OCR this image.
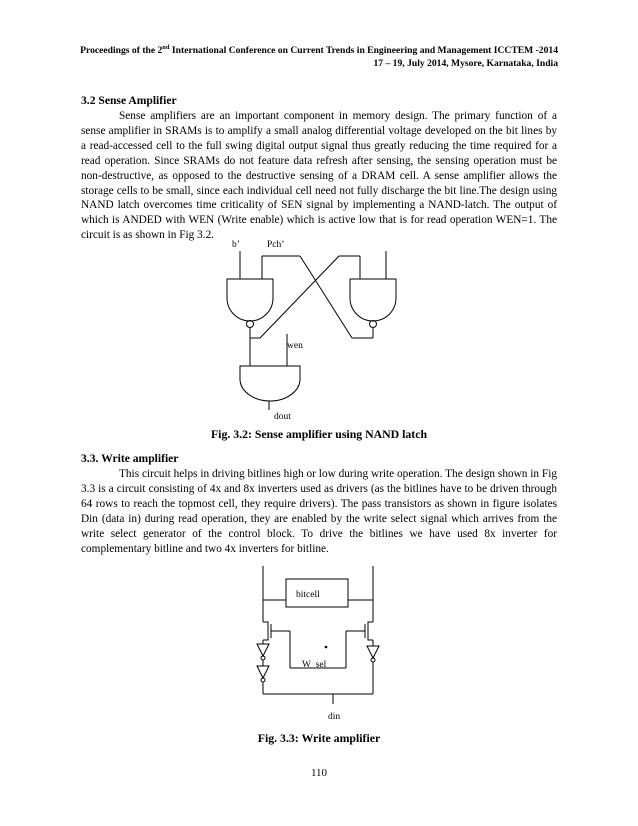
Proceedings of the 2nd International Conference on Current Trends in Engineering and Management ICCTEM -2014
17 – 19, July 2014, Mysore, Karnataka, India
3.2 Sense Amplifier

Sense amplifiers are an important component in memory design. The primary function of a sense amplifier in SRAMs is to amplify a small analog differential voltage developed on the bit lines by a read-accessed cell to the full swing digital output signal thus greatly reducing the time required for a read operation. Since SRAMs do not feature data refresh after sensing, the sensing operation must be non-destructive, as opposed to the destructive sensing of a DRAM cell. A sense amplifier allows the storage cells to be small, since each individual cell need not fully discharge the bit line.The design using NAND latch overcomes time criticality of SEN signal by implementing a NAND-latch. The output of which is ANDED with WEN (Write enable) which is active low that is for read operation WEN=1. The circuit is as shown in Fig 3.2.

b’	Pch’
wen
dout
Fig. 3.2: Sense amplifier using NAND latch
3.3. Write amplifier

This circuit helps in driving bitlines high or low during write operation. The design shown in Fig 3.3 is a circuit consisting of 4x and 8x inverters used as drivers (as the bitlines have to be driven through 64 rows to reach the topmost cell, they require drivers). The pass transistors as shown in figure isolates Din (data in) during read operation, they are enabled by the write select signal which arrives from the write select generator of the control block. To drive the bitlines we have used 8x inverter for complementary bitline and two 4x inverters for bitline.

bitcell
W_sel
din
Fig. 3.3: Write amplifier
110
